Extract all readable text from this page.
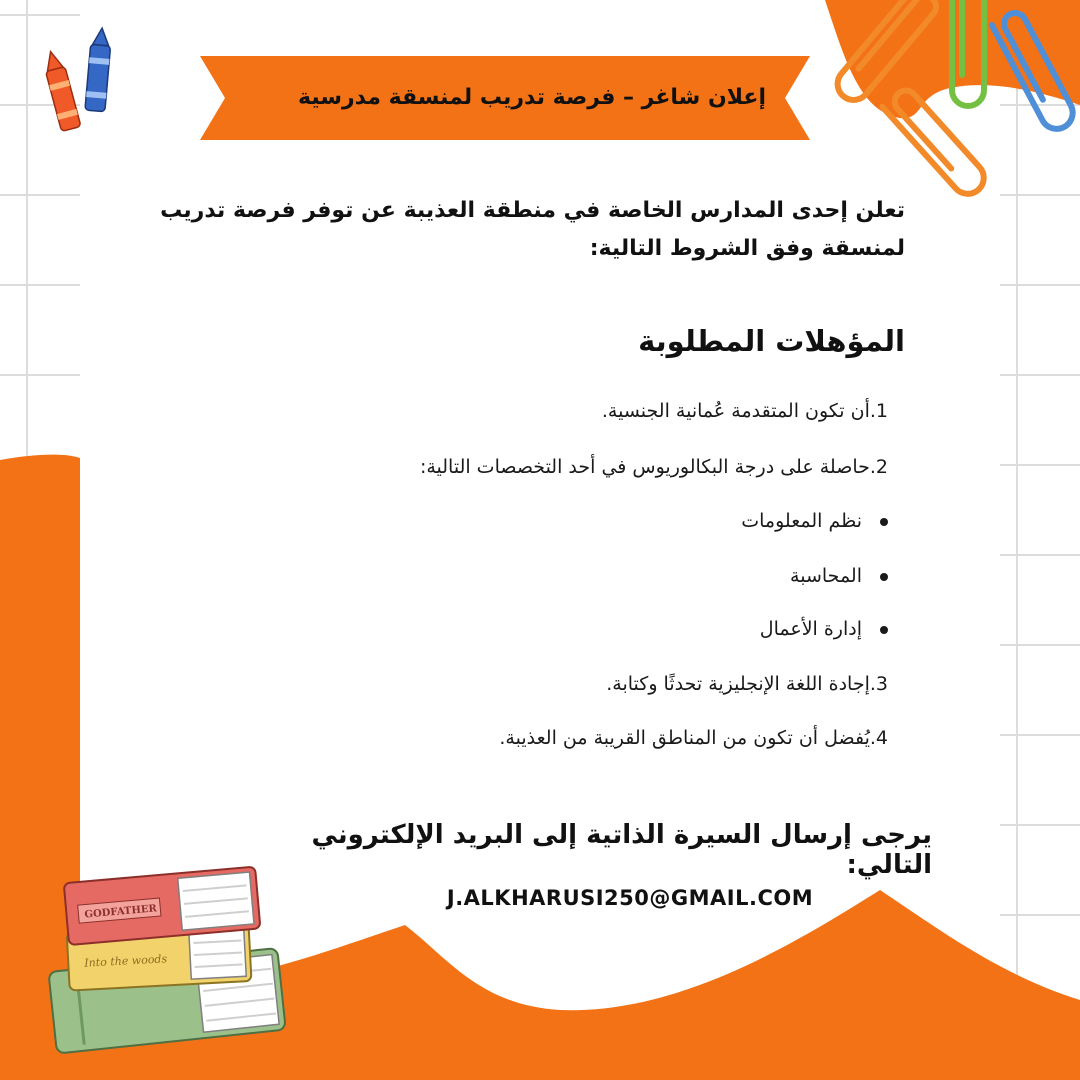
Into the woods
GODFATHER
إعلان شاغر – فرصة تدريب لمنسقة مدرسية
تعلن إحدى المدارس الخاصة في منطقة العذيبة عن توفر فرصة تدريب لمنسقة وفق الشروط التالية:
المؤهلات المطلوبة
1.أن تكون المتقدمة عُمانية الجنسية.
2.حاصلة على درجة البكالوريوس في أحد التخصصات التالية:
نظم المعلومات
المحاسبة
إدارة الأعمال
3.إجادة اللغة الإنجليزية تحدثًا وكتابة.
4.يُفضل أن تكون من المناطق القريبة من العذيبة.
يرجى إرسال السيرة الذاتية إلى البريد الإلكتروني التالي:
J.ALKHARUSI250@GMAIL.COM
